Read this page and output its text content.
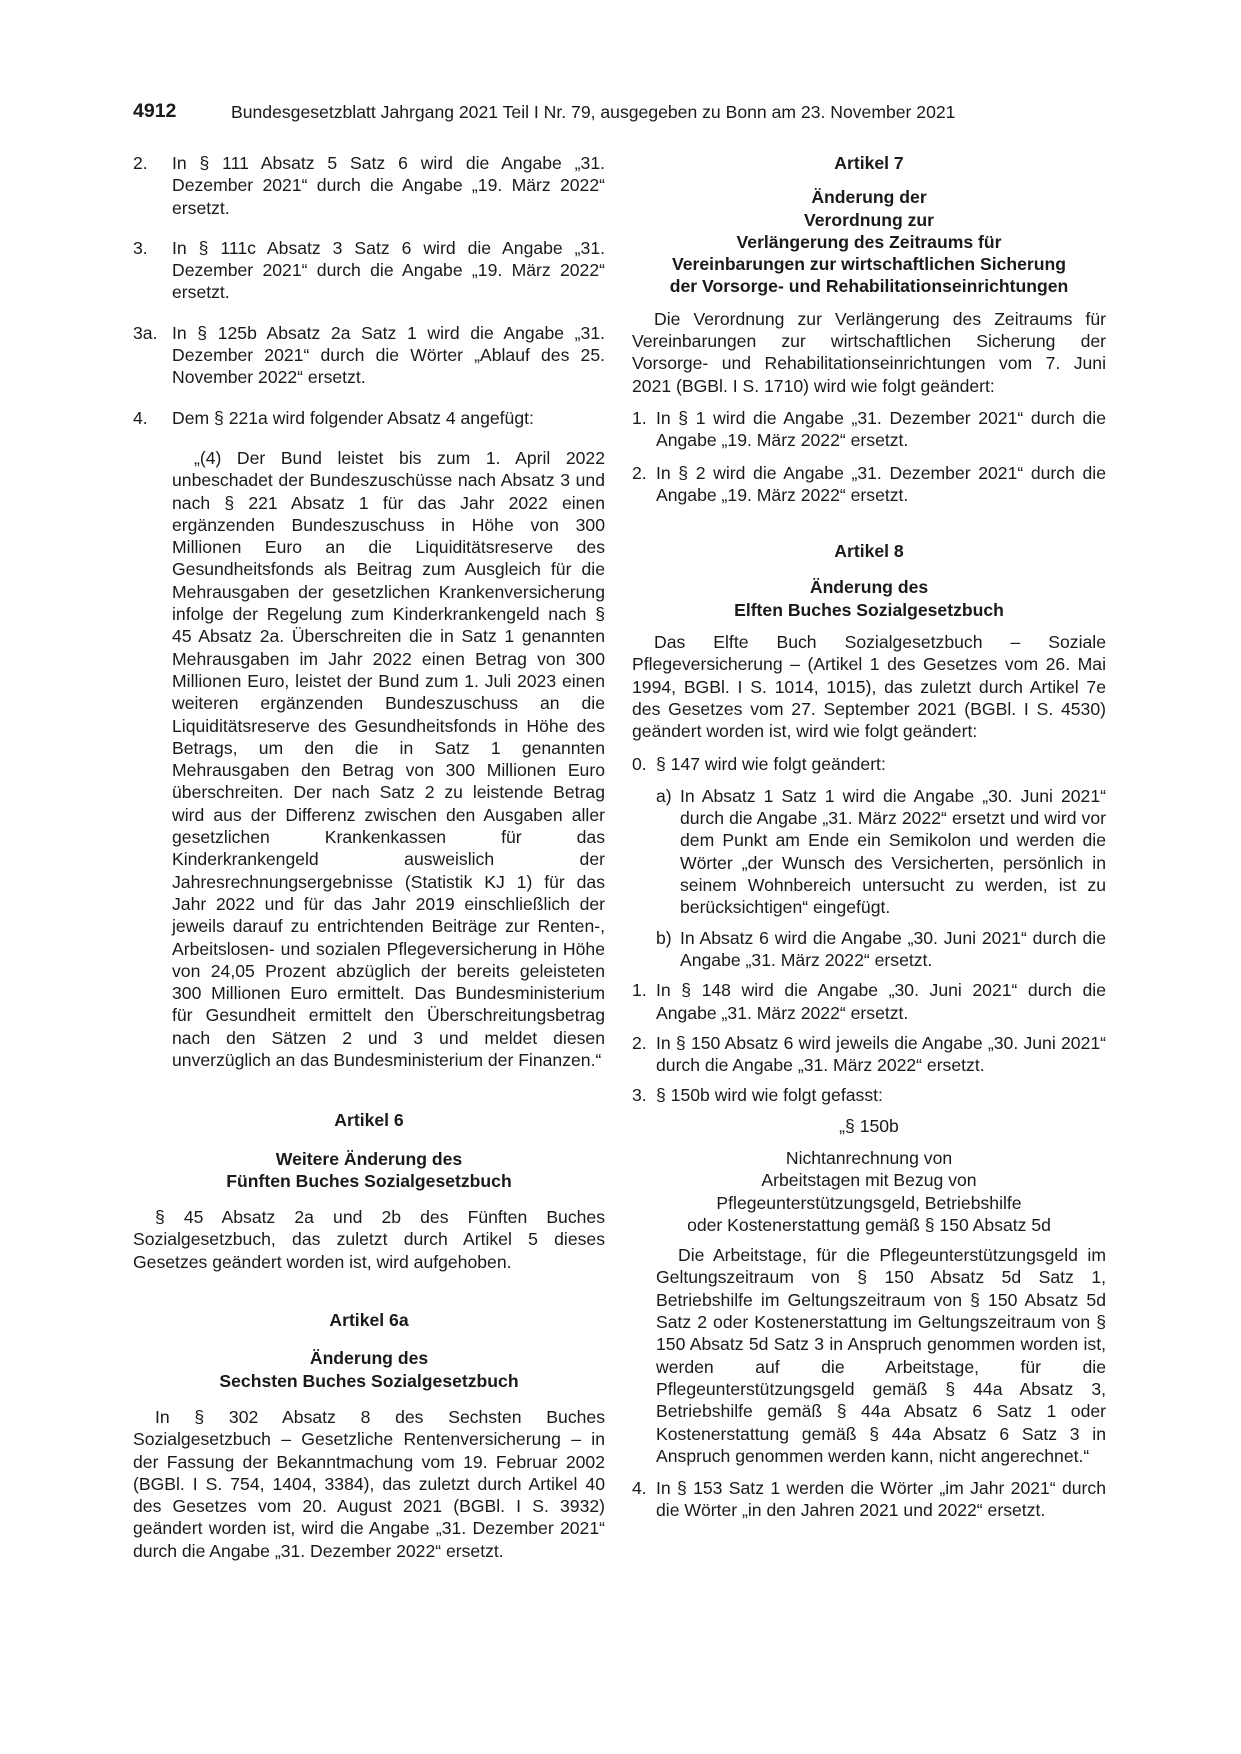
4912	Bundesgesetzblatt Jahrgang 2021 Teil I Nr. 79, ausgegeben zu Bonn am 23. November 2021
2.	In § 111 Absatz 5 Satz 6 wird die Angabe „31. Dezember 2021“ durch die Angabe „19. März 2022“ ersetzt.
3.	In § 111c Absatz 3 Satz 6 wird die Angabe „31. Dezember 2021“ durch die Angabe „19. März 2022“ ersetzt.
3a. In § 125b Absatz 2a Satz 1 wird die Angabe „31. Dezember 2021“ durch die Wörter „Ablauf des 25. November 2022“ ersetzt.
4.	Dem § 221a wird folgender Absatz 4 angefügt:

„(4) Der Bund leistet bis zum 1. April 2022 unbeschadet der Bundeszuschüsse nach Absatz 3 und nach § 221 Absatz 1 für das Jahr 2022 einen ergänzenden Bundeszuschuss in Höhe von 300 Millionen Euro an die Liquiditätsreserve des Gesundheitsfonds als Beitrag zum Ausgleich für die Mehrausgaben der gesetzlichen Krankenversicherung infolge der Regelung zum Kinderkrankengeld nach § 45 Absatz 2a. Überschreiten die in Satz 1 genannten Mehrausgaben im Jahr 2022 einen Betrag von 300 Millionen Euro, leistet der Bund zum 1. Juli 2023 einen weiteren ergänzenden Bundeszuschuss an die Liquiditätsreserve des Gesundheitsfonds in Höhe des Betrags, um den die in Satz 1 genannten Mehrausgaben den Betrag von 300 Millionen Euro überschreiten. Der nach Satz 2 zu leistende Betrag wird aus der Differenz zwischen den Ausgaben aller gesetzlichen Krankenkassen für das Kinderkrankengeld ausweislich der Jahresrechnungsergebnisse (Statistik KJ 1) für das Jahr 2022 und für das Jahr 2019 einschließlich der jeweils darauf zu entrichtenden Beiträge zur Renten-, Arbeitslosen- und sozialen Pflegeversicherung in Höhe von 24,05 Prozent abzüglich der bereits geleisteten 300 Millionen Euro ermittelt. Das Bundesministerium für Gesundheit ermittelt den Überschreitungsbetrag nach den Sätzen 2 und 3 und meldet diesen unverzüglich an das Bundesministerium der Finanzen.“

Artikel 6

Weitere Änderung des
Fünften Buches Sozialgesetzbuch

§ 45 Absatz 2a und 2b des Fünften Buches Sozialgesetzbuch, das zuletzt durch Artikel 5 dieses Gesetzes geändert worden ist, wird aufgehoben.

Artikel 6a

Änderung des
Sechsten Buches Sozialgesetzbuch

In § 302 Absatz 8 des Sechsten Buches Sozialgesetzbuch – Gesetzliche Rentenversicherung – in der Fassung der Bekanntmachung vom 19. Februar 2002 (BGBl. I S. 754, 1404, 3384), das zuletzt durch Artikel 40 des Gesetzes vom 20. August 2021 (BGBl. I S. 3932) geändert worden ist, wird die Angabe „31. Dezember 2021“ durch die Angabe „31. Dezember 2022“ ersetzt.

Artikel 7

Änderung der
Verordnung zur
Verlängerung des Zeitraums für
Vereinbarungen zur wirtschaftlichen Sicherung
der Vorsorge- und Rehabilitationseinrichtungen

Die Verordnung zur Verlängerung des Zeitraums für Vereinbarungen zur wirtschaftlichen Sicherung der Vorsorge- und Rehabilitationseinrichtungen vom 7. Juni 2021 (BGBl. I S. 1710) wird wie folgt geändert:

1. In § 1 wird die Angabe „31. Dezember 2021“ durch die Angabe „19. März 2022“ ersetzt.
2. In § 2 wird die Angabe „31. Dezember 2021“ durch die Angabe „19. März 2022“ ersetzt.

Artikel 8

Änderung des
Elften Buches Sozialgesetzbuch

Das Elfte Buch Sozialgesetzbuch – Soziale Pflegeversicherung – (Artikel 1 des Gesetzes vom 26. Mai 1994, BGBl. I S. 1014, 1015), das zuletzt durch Artikel 7e des Gesetzes vom 27. September 2021 (BGBl. I S. 4530) geändert worden ist, wird wie folgt geändert:

0. § 147 wird wie folgt geändert:
a) In Absatz 1 Satz 1 wird die Angabe „30. Juni 2021“ durch die Angabe „31. März 2022“ ersetzt und wird vor dem Punkt am Ende ein Semikolon und werden die Wörter „der Wunsch des Versicherten, persönlich in seinem Wohnbereich untersucht zu werden, ist zu berücksichtigen“ eingefügt.
b) In Absatz 6 wird die Angabe „30. Juni 2021“ durch die Angabe „31. März 2022“ ersetzt.
1. In § 148 wird die Angabe „30. Juni 2021“ durch die Angabe „31. März 2022“ ersetzt.
2. In § 150 Absatz 6 wird jeweils die Angabe „30. Juni 2021“ durch die Angabe „31. März 2022“ ersetzt.
3. § 150b wird wie folgt gefasst:

„§ 150b

Nichtanrechnung von
Arbeitstagen mit Bezug von
Pflegeunterstützungsgeld, Betriebshilfe
oder Kostenerstattung gemäß § 150 Absatz 5d

Die Arbeitstage, für die Pflegeunterstützungsgeld im Geltungszeitraum von § 150 Absatz 5d Satz 1, Betriebshilfe im Geltungszeitraum von § 150 Absatz 5d Satz 2 oder Kostenerstattung im Geltungszeitraum von § 150 Absatz 5d Satz 3 in Anspruch genommen worden ist, werden auf die Arbeitstage, für die Pflegeunterstützungsgeld gemäß § 44a Absatz 3, Betriebshilfe gemäß § 44a Absatz 6 Satz 1 oder Kostenerstattung gemäß § 44a Absatz 6 Satz 3 in Anspruch genommen werden kann, nicht angerechnet.“

4. In § 153 Satz 1 werden die Wörter „im Jahr 2021“ durch die Wörter „in den Jahren 2021 und 2022“ ersetzt.
